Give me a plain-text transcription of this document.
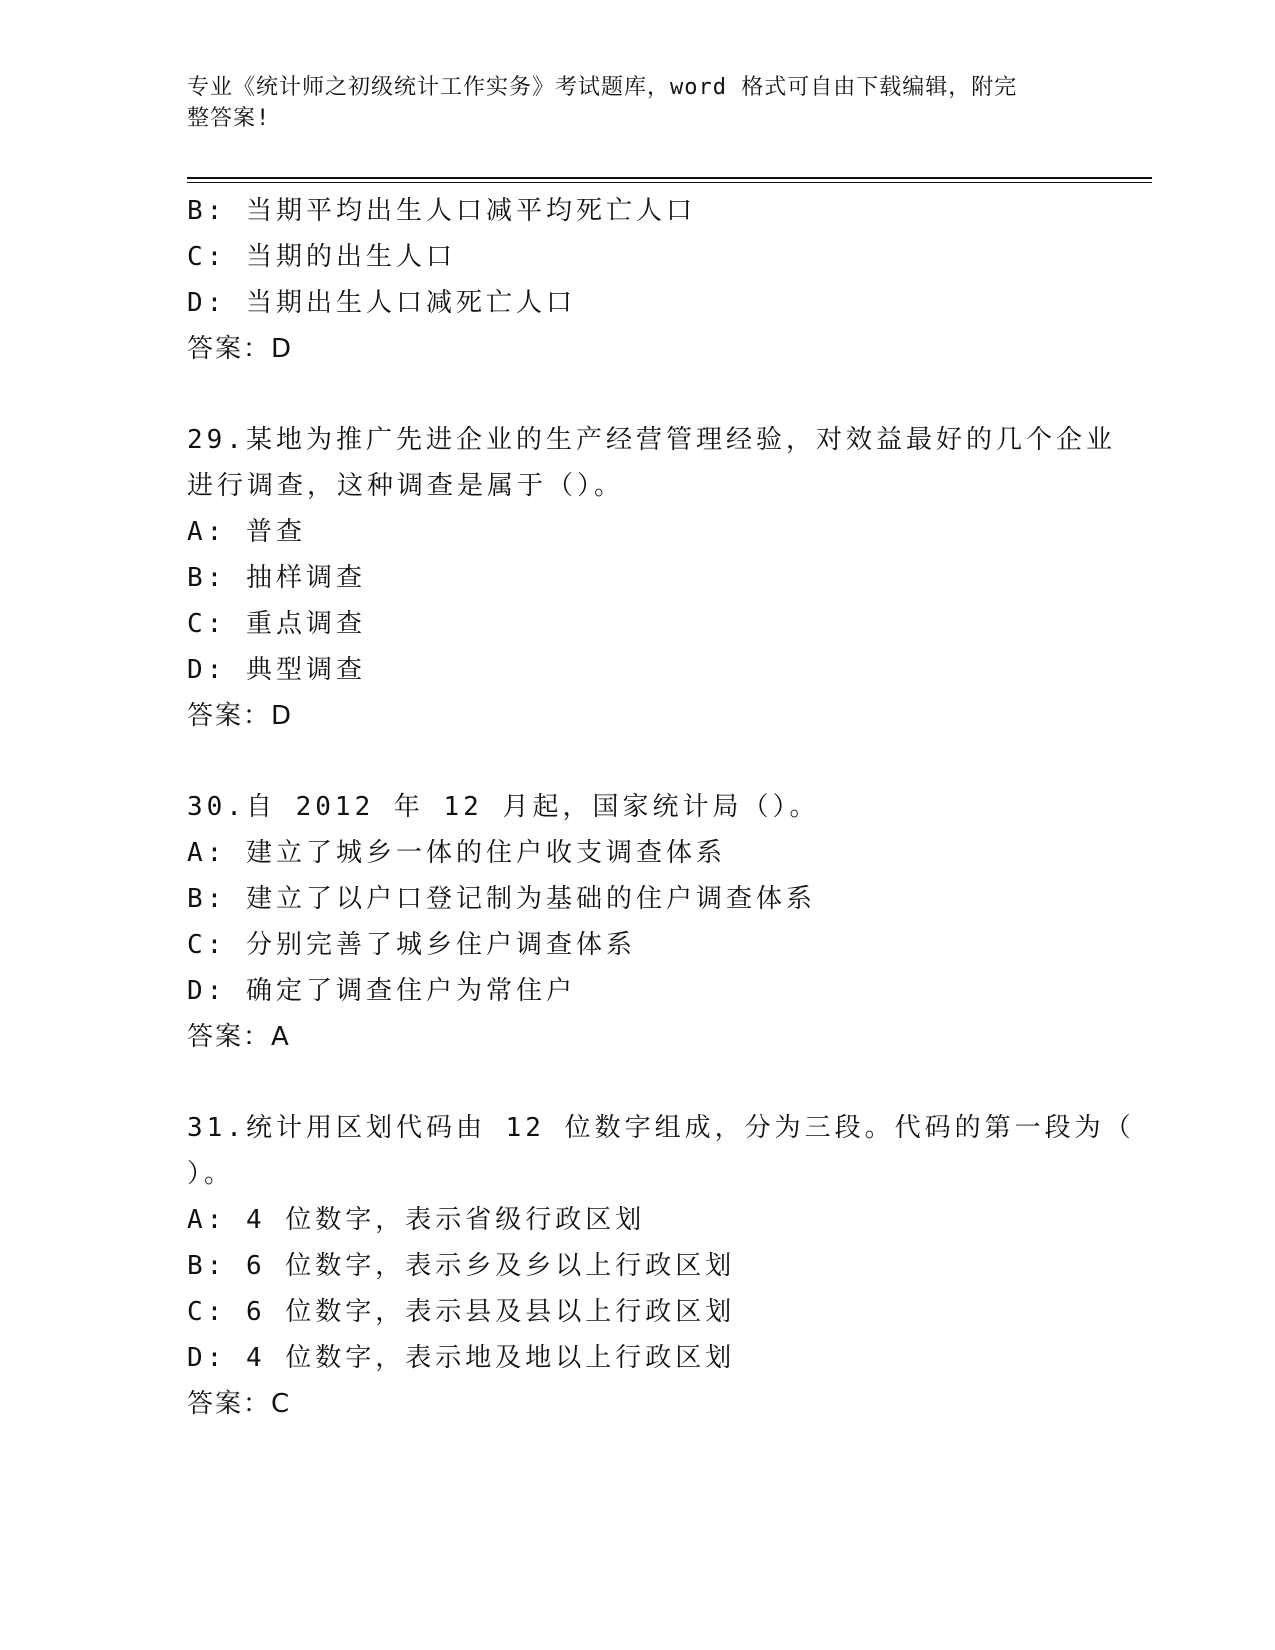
专业《统计师之初级统计工作实务》考试题库，word 格式可自由下载编辑，附完
整答案!
B: 当期平均出生人口减平均死亡人口
C: 当期的出生人口
D: 当期出生人口减死亡人口
答案：D
29.某地为推广先进企业的生产经营管理经验，对效益最好的几个企业
进行调查，这种调查是属于（）。
A: 普查
B: 抽样调查
C: 重点调查
D: 典型调查
答案：D
30.自 2012 年 12 月起，国家统计局（）。
A: 建立了城乡一体的住户收支调查体系
B: 建立了以户口登记制为基础的住户调查体系
C: 分别完善了城乡住户调查体系
D: 确定了调查住户为常住户
答案：A
31.统计用区划代码由 12 位数字组成，分为三段。代码的第一段为（
）。
A: 4 位数字，表示省级行政区划
B: 6 位数字，表示乡及乡以上行政区划
C: 6 位数字，表示县及县以上行政区划
D: 4 位数字，表示地及地以上行政区划
答案：C
